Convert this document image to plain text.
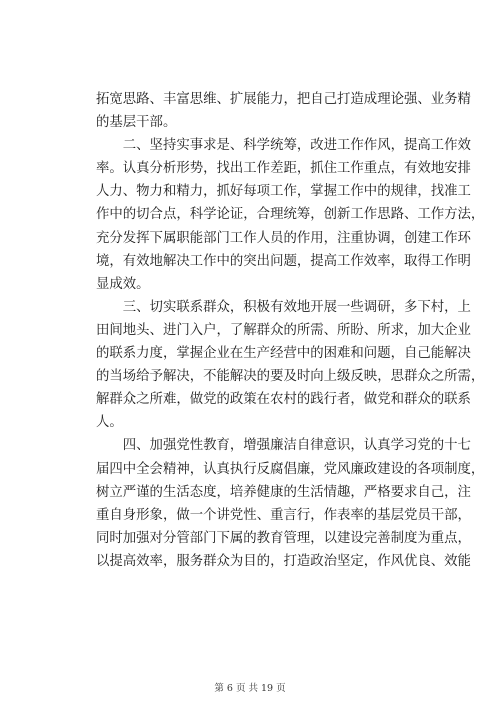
拓宽思路、丰富思维、扩展能力，把自己打造成理论强、业务精
的基层干部。
　　二、坚持实事求是、科学统筹，改进工作作风，提高工作效
率。认真分析形势，找出工作差距，抓住工作重点，有效地安排
人力、物力和精力，抓好每项工作，掌握工作中的规律，找准工
作中的切合点，科学论证，合理统筹，创新工作思路、工作方法，
充分发挥下属职能部门工作人员的作用，注重协调，创建工作环
境，有效地解决工作中的突出问题，提高工作效率，取得工作明
显成效。
　　三、切实联系群众，积极有效地开展一些调研，多下村，上
田间地头、进门入户，了解群众的所需、所盼、所求，加大企业
的联系力度，掌握企业在生产经营中的困难和问题，自己能解决
的当场给予解决，不能解决的要及时向上级反映，思群众之所需，
解群众之所难，做党的政策在农村的践行者，做党和群众的联系
人。
　　四、加强党性教育，增强廉洁自律意识，认真学习党的十七
届四中全会精神，认真执行反腐倡廉，党风廉政建设的各项制度，
树立严谨的生活态度，培养健康的生活情趣，严格要求自己，注
重自身形象，做一个讲党性、重言行，作表率的基层党员干部，
同时加强对分管部门下属的教育管理，以建设完善制度为重点，
以提高效率，服务群众为目的，打造政治坚定，作风优良、效能
第 6 页 共 19 页
